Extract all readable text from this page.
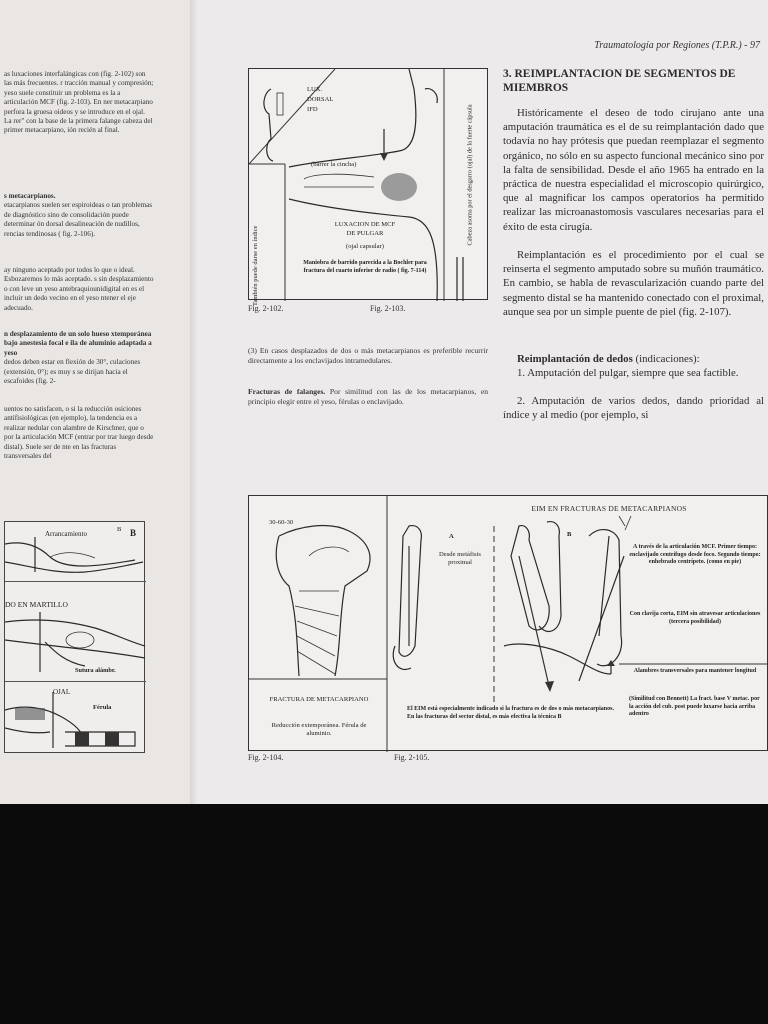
as luxaciones interfalángicas con (fig. 2-102) son las más frecuentes. r tracción manual y compresión; yeso suele constituir un problema es la a articulación MCF (fig. 2-103). En ner metacarpiano perfora la gruesa oideos y se introduce en el ojal. La rer" con la base de la primera falange cabeza del primer metacarpiano, ión recién al final.

s metacarpianos.

etacarpianos suelen ser espiroideas o tan problemas de diagnóstico sino de consolidación puede determinar ón dorsal desalineación de nudillos, rencias tendinosas ( fig. 2-106).

ay ninguno aceptado por todos lo que o ideal. Esbozaremos lo más aceptado. s sin desplazamiento o con leve un yeso antebraquiounidigital en es el incluir un dedo vecino en el yeso ntener el eje adecuado.

n desplazamiento de un solo hueso xtemporánea bajo anestesia focal e ila de aluminio adaptada a yeso

dedos deben estar en flexión de 30°, culaciones (extensión, 0°); es muy s se dirijan hacia el escafoides (fig. 2-

uentos no satisfacen, o si la reducción osiciones antifisiológicas (en ejemplo), la tendencia es a realizar nedular con alambre de Kirschner, que o por la articulación MCF (entrar por trar luego desde distal). Suele ser de nte en las fracturas transversales del

Arrancamiento
B B
DO EN MARTILLO
Sutura alámbr.
OJAL
Férula
Traumatología por Regiones (T.P.R.) - 97
LUX.
DORSAL
IFD
(barrer la cincha)
LUXACION DE MCF
DE PULGAR
(ojal capsular)
Maniobra de barrido parecida a la Bochler para fractura del cuarto inferior de radio ( fig. 7-114)
También puede darse en índice
Cabeza asoma por el desgarro (ojal) de la fuerte cápsula
Fig. 2-102.	Fig. 2-103.
(3) En casos desplazados de dos o más metacarpianos es preferible recurrir directamente a los enclavijados intramedulares.
Fracturas de falanges. Por similitud con las de los metacarpianos, en principio elegir entre el yeso, férulas o enclavijado.
3. REIMPLANTACION DE SEGMENTOS DE MIEMBROS
Históricamente el deseo de todo cirujano ante una amputación traumática es el de su reimplantación dado que todavía no hay prótesis que puedan reemplazar el segmento orgánico, no sólo en su aspecto funcional mecánico sino por la falta de sensibilidad. Desde el año 1965 ha entrado en la práctica de nuestra especialidad el microscopio quirúrgico, que al magnificar los campos operatorios ha permitido realizar las microanastomosis vasculares necesarias para el éxito de esta cirugía.
Reimplantación es el procedimiento por el cual se reinserta el segmento amputado sobre su muñón traumático. En cambio, se habla de revascularización cuando parte del segmento distal se ha mantenido conectado con el proximal, aunque sea por un simple puente de piel (fig. 2-107).
Reimplantación de dedos (indicaciones):
1. Amputación del pulgar, siempre que sea factible.
2. Amputación de varios dedos, dando prioridad al índice y al medio (por ejemplo, si
EIM EN FRACTURAS DE METACARPIANOS
30-60-30
FRACTURA DE METACARPIANO
Reducción extemporánea. Férula de aluminio.
A	B
Desde metáfisis proximal
El EIM está especialmente indicado si la fractura es de dos o más metacarpianos. En las fracturas del sector distal, es más efectiva la técnica B
A través de la articulación MCF. Primer tiempo: enclavijado centrífugo desde foco. Segundo tiempo: enhebrado centrípeto. (como en pie)
Con clavija corta, EIM sin atravesar articulaciones (tercera posibilidad)
Alambres transversales para mantener longitud
(Similitud con Bennett) La fract. base V metac. por la acción del cub. post puede luxarse hacia arriba adentro
Fig. 2-104.	Fig. 2-105.
